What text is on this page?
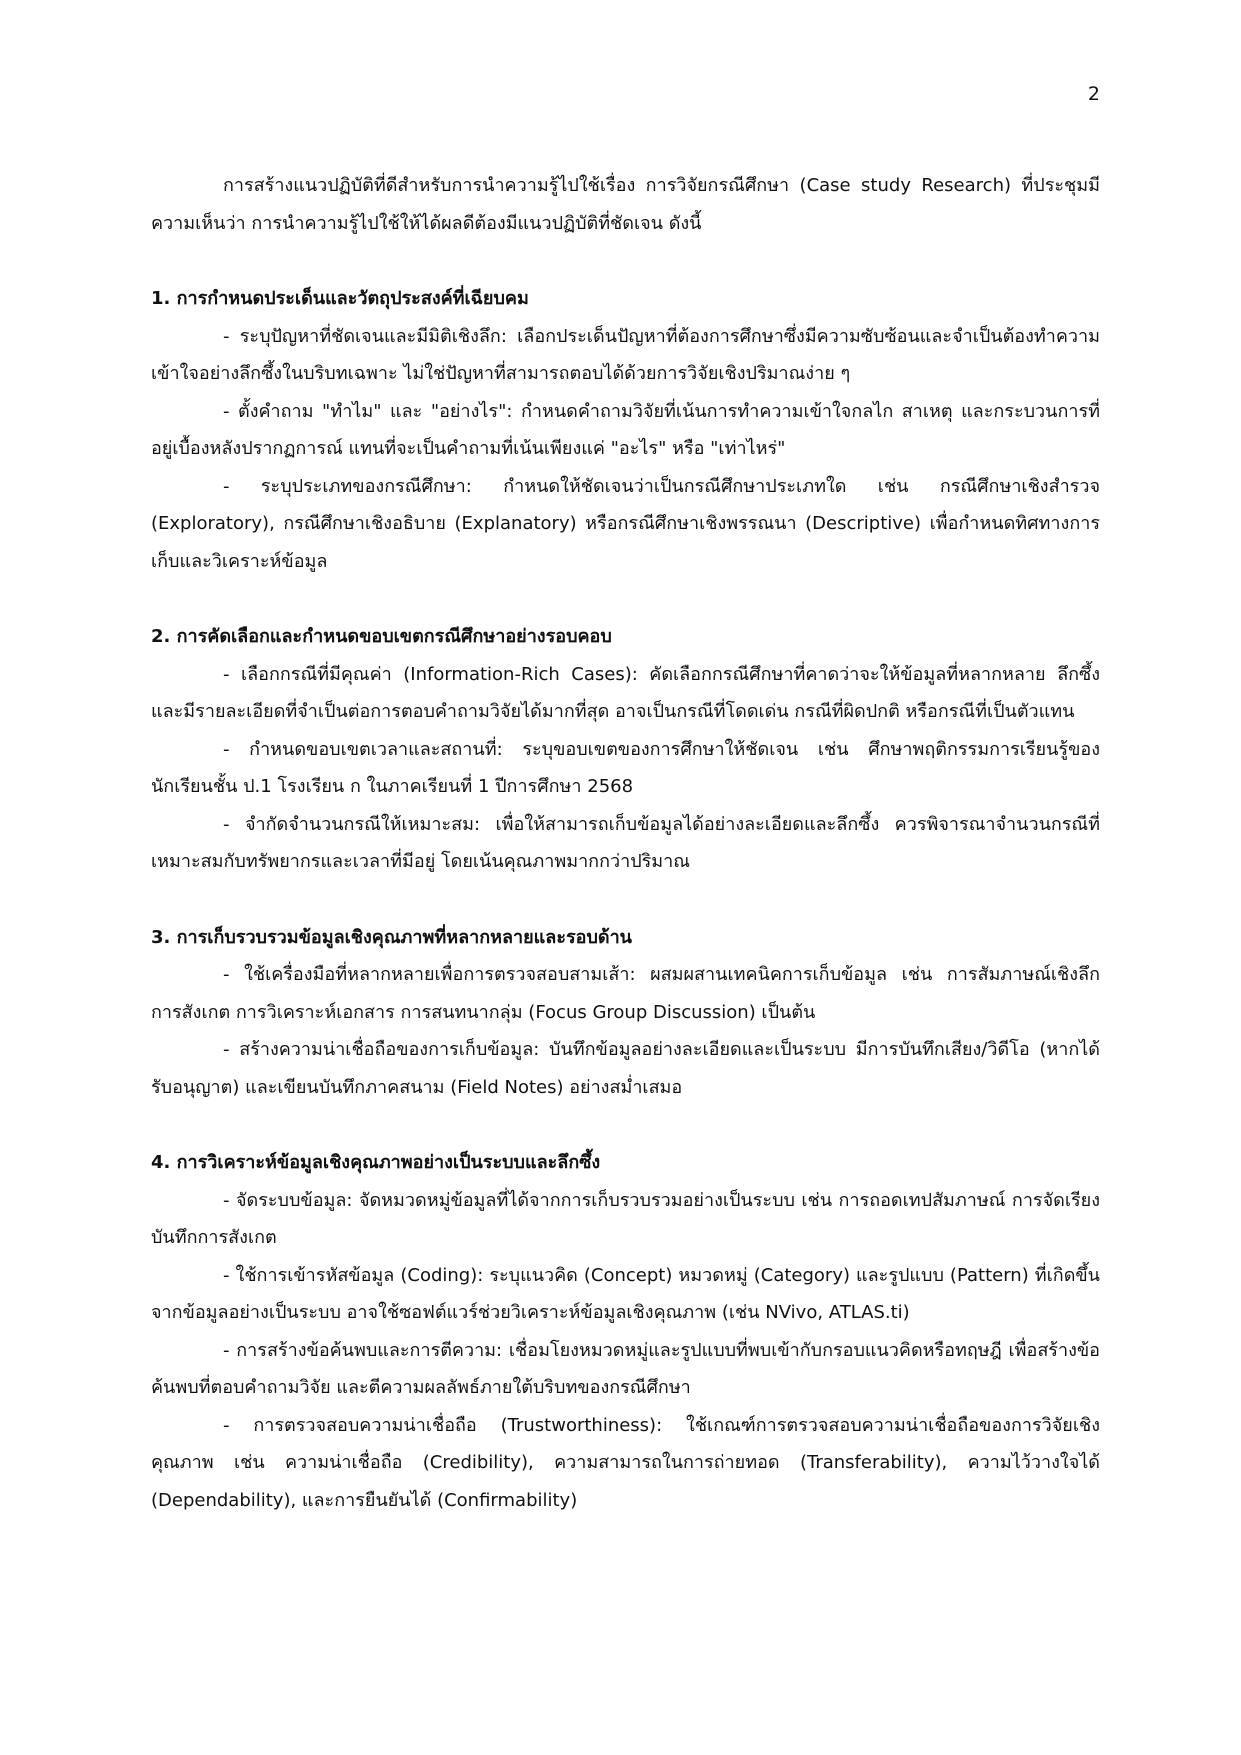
2

การสร้างแนวปฏิบัติที่ดีสำหรับการนำความรู้ไปใช้เรื่อง การวิจัยกรณีศึกษา (Case study Research) ที่ประชุมมีความเห็นว่า การนำความรู้ไปใช้ให้ได้ผลดีต้องมีแนวปฏิบัติที่ชัดเจน ดังนี้

1. การกำหนดประเด็นและวัตถุประสงค์ที่เฉียบคม

- ระบุปัญหาที่ชัดเจนและมีมิติเชิงลึก: เลือกประเด็นปัญหาที่ต้องการศึกษาซึ่งมีความซับซ้อนและจำเป็นต้องทำความเข้าใจอย่างลึกซึ้งในบริบทเฉพาะ ไม่ใช่ปัญหาที่สามารถตอบได้ด้วยการวิจัยเชิงปริมาณง่าย ๆ

- ตั้งคำถาม "ทำไม" และ "อย่างไร": กำหนดคำถามวิจัยที่เน้นการทำความเข้าใจกลไก สาเหตุ และกระบวนการที่อยู่เบื้องหลังปรากฏการณ์ แทนที่จะเป็นคำถามที่เน้นเพียงแค่ "อะไร" หรือ "เท่าไหร่"

- ระบุประเภทของกรณีศึกษา: กำหนดให้ชัดเจนว่าเป็นกรณีศึกษาประเภทใด เช่น กรณีศึกษาเชิงสำรวจ (Exploratory), กรณีศึกษาเชิงอธิบาย (Explanatory) หรือกรณีศึกษาเชิงพรรณนา (Descriptive) เพื่อกำหนดทิศทางการเก็บและวิเคราะห์ข้อมูล

2. การคัดเลือกและกำหนดขอบเขตกรณีศึกษาอย่างรอบคอบ

- เลือกกรณีที่มีคุณค่า (Information-Rich Cases): คัดเลือกกรณีศึกษาที่คาดว่าจะให้ข้อมูลที่หลากหลาย ลึกซึ้ง และมีรายละเอียดที่จำเป็นต่อการตอบคำถามวิจัยได้มากที่สุด อาจเป็นกรณีที่โดดเด่น กรณีที่ผิดปกติ หรือกรณีที่เป็นตัวแทน

- กำหนดขอบเขตเวลาและสถานที่: ระบุขอบเขตของการศึกษาให้ชัดเจน เช่น ศึกษาพฤติกรรมการเรียนรู้ของนักเรียนชั้น ป.1 โรงเรียน ก ในภาคเรียนที่ 1 ปีการศึกษา 2568

- จำกัดจำนวนกรณีให้เหมาะสม: เพื่อให้สามารถเก็บข้อมูลได้อย่างละเอียดและลึกซึ้ง ควรพิจารณาจำนวนกรณีที่เหมาะสมกับทรัพยากรและเวลาที่มีอยู่ โดยเน้นคุณภาพมากกว่าปริมาณ

3. การเก็บรวบรวมข้อมูลเชิงคุณภาพที่หลากหลายและรอบด้าน

- ใช้เครื่องมือที่หลากหลายเพื่อการตรวจสอบสามเส้า: ผสมผสานเทคนิคการเก็บข้อมูล เช่น การสัมภาษณ์เชิงลึก การสังเกต การวิเคราะห์เอกสาร การสนทนากลุ่ม (Focus Group Discussion) เป็นต้น

- สร้างความน่าเชื่อถือของการเก็บข้อมูล: บันทึกข้อมูลอย่างละเอียดและเป็นระบบ มีการบันทึกเสียง/วิดีโอ (หากได้รับอนุญาต) และเขียนบันทึกภาคสนาม (Field Notes) อย่างสม่ำเสมอ

4. การวิเคราะห์ข้อมูลเชิงคุณภาพอย่างเป็นระบบและลึกซึ้ง

- จัดระบบข้อมูล: จัดหมวดหมู่ข้อมูลที่ได้จากการเก็บรวบรวมอย่างเป็นระบบ เช่น การถอดเทปสัมภาษณ์ การจัดเรียงบันทึกการสังเกต

- ใช้การเข้ารหัสข้อมูล (Coding): ระบุแนวคิด (Concept) หมวดหมู่ (Category) และรูปแบบ (Pattern) ที่เกิดขึ้นจากข้อมูลอย่างเป็นระบบ อาจใช้ซอฟต์แวร์ช่วยวิเคราะห์ข้อมูลเชิงคุณภาพ (เช่น NVivo, ATLAS.ti)

- การสร้างข้อค้นพบและการตีความ: เชื่อมโยงหมวดหมู่และรูปแบบที่พบเข้ากับกรอบแนวคิดหรือทฤษฎี เพื่อสร้างข้อค้นพบที่ตอบคำถามวิจัย และตีความผลลัพธ์ภายใต้บริบทของกรณีศึกษา

- การตรวจสอบความน่าเชื่อถือ (Trustworthiness): ใช้เกณฑ์การตรวจสอบความน่าเชื่อถือของการวิจัยเชิงคุณภาพ เช่น ความน่าเชื่อถือ (Credibility), ความสามารถในการถ่ายทอด (Transferability), ความไว้วางใจได้ (Dependability), และการยืนยันได้ (Confirmability)
